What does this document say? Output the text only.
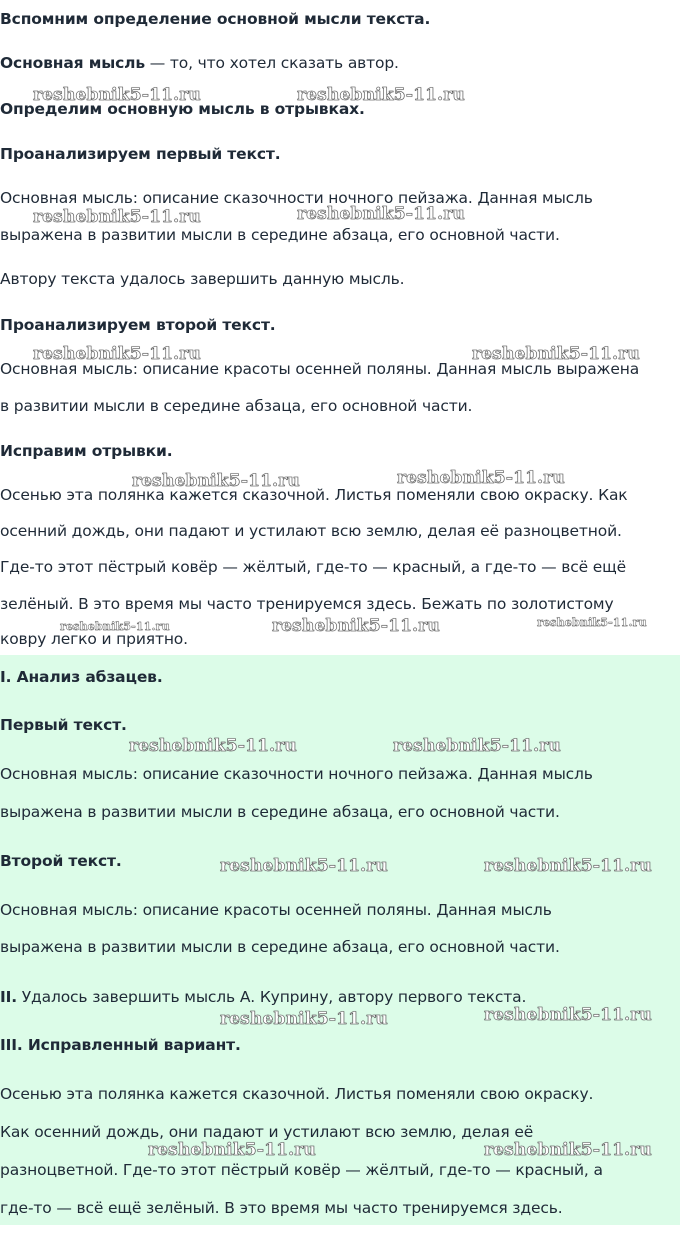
Вспомним определение основной мысли текста.

Основная мысль — то, что хотел сказать автор.

Определим основную мысль в отрывках.

Проанализируем первый текст.

Основная мысль: описание сказочности ночного пейзажа. Данная мысль

выражена в развитии мысли в середине абзаца, его основной части.

Автору текста удалось завершить данную мысль.

Проанализируем второй текст.

Основная мысль: описание красоты осенней поляны. Данная мысль выражена

в развитии мысли в середине абзаца, его основной части.

Исправим отрывки.

Осенью эта полянка кажется сказочной. Листья поменяли свою окраску. Как

осенний дождь, они падают и устилают всю землю, делая её разноцветной.

Где-то этот пёстрый ковёр — жёлтый, где-то — красный, а где-то — всё ещё

зелёный. В это время мы часто тренируемся здесь. Бежать по золотистому

ковру легко и приятно.

I. Анализ абзацев.

Первый текст.

Основная мысль: описание сказочности ночного пейзажа. Данная мысль

выражена в развитии мысли в середине абзаца, его основной части.

Второй текст.

Основная мысль: описание красоты осенней поляны. Данная мысль

выражена в развитии мысли в середине абзаца, его основной части.

II. Удалось завершить мысль А. Куприну, автору первого текста.

III. Исправленный вариант.

Осенью эта полянка кажется сказочной. Листья поменяли свою окраску.

Как осенний дождь, они падают и устилают всю землю, делая её

разноцветной. Где-то этот пёстрый ковёр — жёлтый, где-то — красный, а

где-то — всё ещё зелёный. В это время мы часто тренируемся здесь.

reshebnik5-11.ru	reshebnik5-11.ru
reshebnik5-11.ru	reshebnik5-11.ru
reshebnik5-11.ru	reshebnik5-11.ru
reshebnik5-11.ru	reshebnik5-11.ru
reshebnik5-11.ru	reshebnik5-11.ru	reshebnik5-11.ru
reshebnik5-11.ru	reshebnik5-11.ru
reshebnik5-11.ru	reshebnik5-11.ru
reshebnik5-11.ru	reshebnik5-11.ru
reshebnik5-11.ru	reshebnik5-11.ru
